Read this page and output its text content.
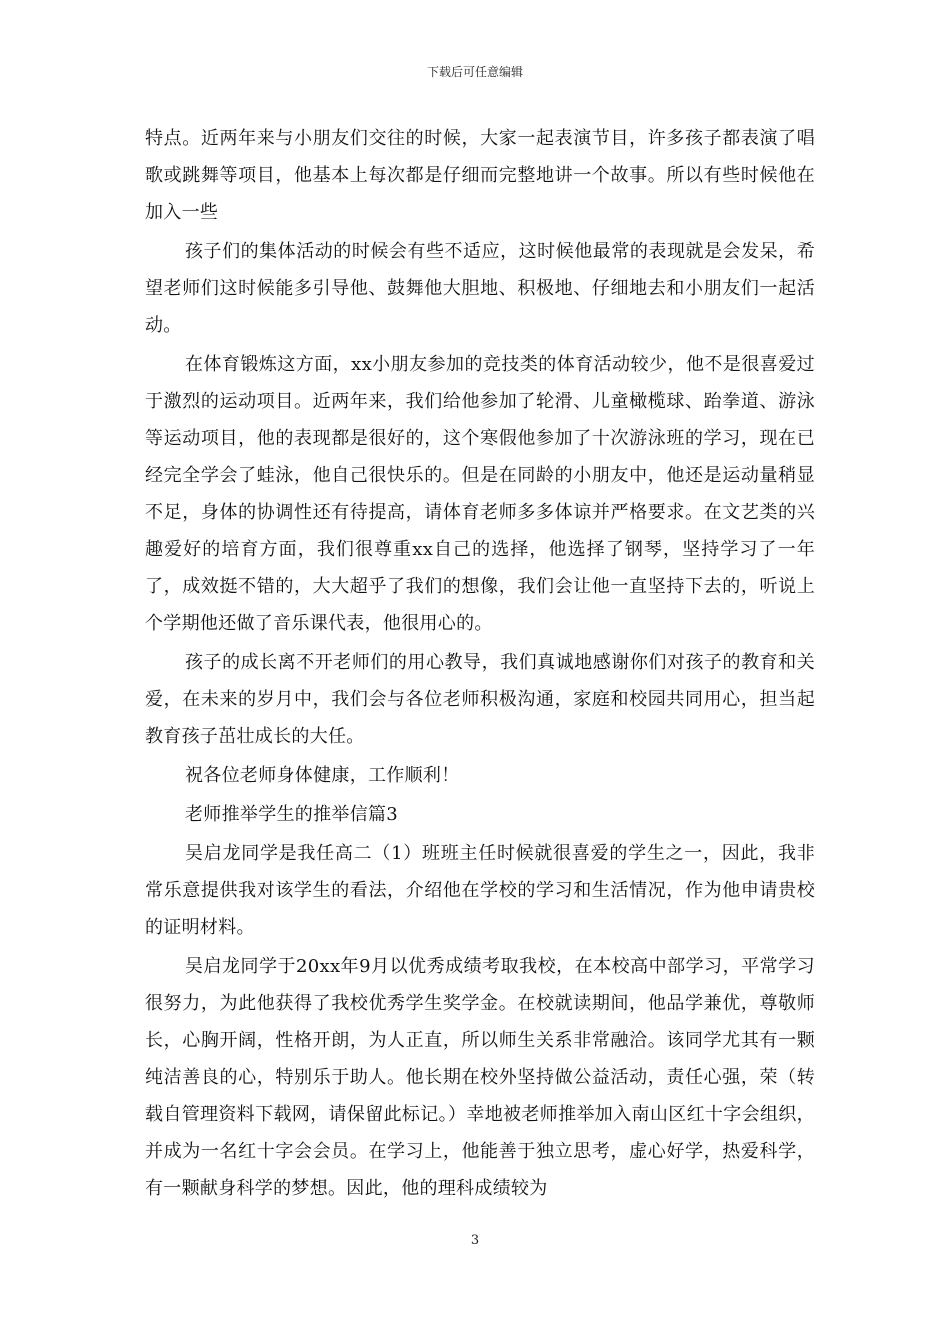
下载后可任意编辑

特点。近两年来与小朋友们交往的时候，大家一起表演节目，许多孩子都表演了唱歌或跳舞等项目，他基本上每次都是仔细而完整地讲一个故事。所以有些时候他在加入一些

孩子们的集体活动的时候会有些不适应，这时候他最常的表现就是会发呆，希望老师们这时候能多引导他、鼓舞他大胆地、积极地、仔细地去和小朋友们一起活动。

在体育锻炼这方面，xx小朋友参加的竞技类的体育活动较少，他不是很喜爱过于激烈的运动项目。近两年来，我们给他参加了轮滑、儿童橄榄球、跆拳道、游泳等运动项目，他的表现都是很好的，这个寒假他参加了十次游泳班的学习，现在已经完全学会了蛙泳，他自己很快乐的。但是在同龄的小朋友中，他还是运动量稍显不足，身体的协调性还有待提高，请体育老师多多体谅并严格要求。在文艺类的兴趣爱好的培育方面，我们很尊重xx自己的选择，他选择了钢琴，坚持学习了一年了，成效挺不错的，大大超乎了我们的想像，我们会让他一直坚持下去的，听说上个学期他还做了音乐课代表，他很用心的。

孩子的成长离不开老师们的用心教导，我们真诚地感谢你们对孩子的教育和关爱，在未来的岁月中，我们会与各位老师积极沟通，家庭和校园共同用心，担当起教育孩子茁壮成长的大任。

祝各位老师身体健康，工作顺利！

老师推举学生的推举信篇3

吴启龙同学是我任高二（1）班班主任时候就很喜爱的学生之一，因此，我非常乐意提供我对该学生的看法，介绍他在学校的学习和生活情况，作为他申请贵校的证明材料。

吴启龙同学于20xx年9月以优秀成绩考取我校，在本校高中部学习，平常学习很努力，为此他获得了我校优秀学生奖学金。在校就读期间，他品学兼优，尊敬师长，心胸开阔，性格开朗，为人正直，所以师生关系非常融洽。该同学尤其有一颗纯洁善良的心，特别乐于助人。他长期在校外坚持做公益活动，责任心强，荣（转载自管理资料下载网，请保留此标记。）幸地被老师推举加入南山区红十字会组织，并成为一名红十字会会员。在学习上，他能善于独立思考，虚心好学，热爱科学，有一颗献身科学的梦想。因此，他的理科成绩较为

3
